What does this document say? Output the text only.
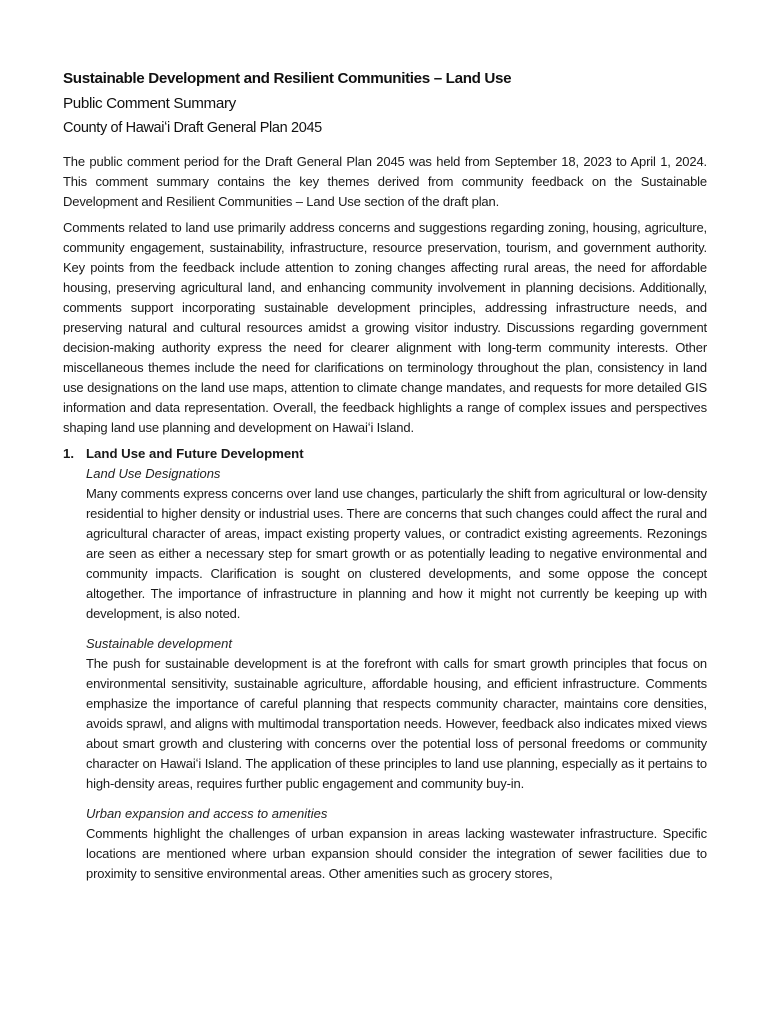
Sustainable Development and Resilient Communities – Land Use
Public Comment Summary
County of Hawaiʻi Draft General Plan 2045

The public comment period for the Draft General Plan 2045 was held from September 18, 2023 to April 1, 2024. This comment summary contains the key themes derived from community feedback on the Sustainable Development and Resilient Communities – Land Use section of the draft plan.

Comments related to land use primarily address concerns and suggestions regarding zoning, housing, agriculture, community engagement, sustainability, infrastructure, resource preservation, tourism, and government authority. Key points from the feedback include attention to zoning changes affecting rural areas, the need for affordable housing, preserving agricultural land, and enhancing community involvement in planning decisions. Additionally, comments support incorporating sustainable development principles, addressing infrastructure needs, and preserving natural and cultural resources amidst a growing visitor industry. Discussions regarding government decision-making authority express the need for clearer alignment with long-term community interests. Other miscellaneous themes include the need for clarifications on terminology throughout the plan, consistency in land use designations on the land use maps, attention to climate change mandates, and requests for more detailed GIS information and data representation. Overall, the feedback highlights a range of complex issues and perspectives shaping land use planning and development on Hawaiʻi Island.

1. Land Use and Future Development
Land Use Designations

Many comments express concerns over land use changes, particularly the shift from agricultural or low-density residential to higher density or industrial uses. There are concerns that such changes could affect the rural and agricultural character of areas, impact existing property values, or contradict existing agreements. Rezonings are seen as either a necessary step for smart growth or as potentially leading to negative environmental and community impacts. Clarification is sought on clustered developments, and some oppose the concept altogether. The importance of infrastructure in planning and how it might not currently be keeping up with development, is also noted.

Sustainable development

The push for sustainable development is at the forefront with calls for smart growth principles that focus on environmental sensitivity, sustainable agriculture, affordable housing, and efficient infrastructure. Comments emphasize the importance of careful planning that respects community character, maintains core densities, avoids sprawl, and aligns with multimodal transportation needs. However, feedback also indicates mixed views about smart growth and clustering with concerns over the potential loss of personal freedoms or community character on Hawaiʻi Island. The application of these principles to land use planning, especially as it pertains to high-density areas, requires further public engagement and community buy-in.

Urban expansion and access to amenities

Comments highlight the challenges of urban expansion in areas lacking wastewater infrastructure. Specific locations are mentioned where urban expansion should consider the integration of sewer facilities due to proximity to sensitive environmental areas. Other amenities such as grocery stores,
